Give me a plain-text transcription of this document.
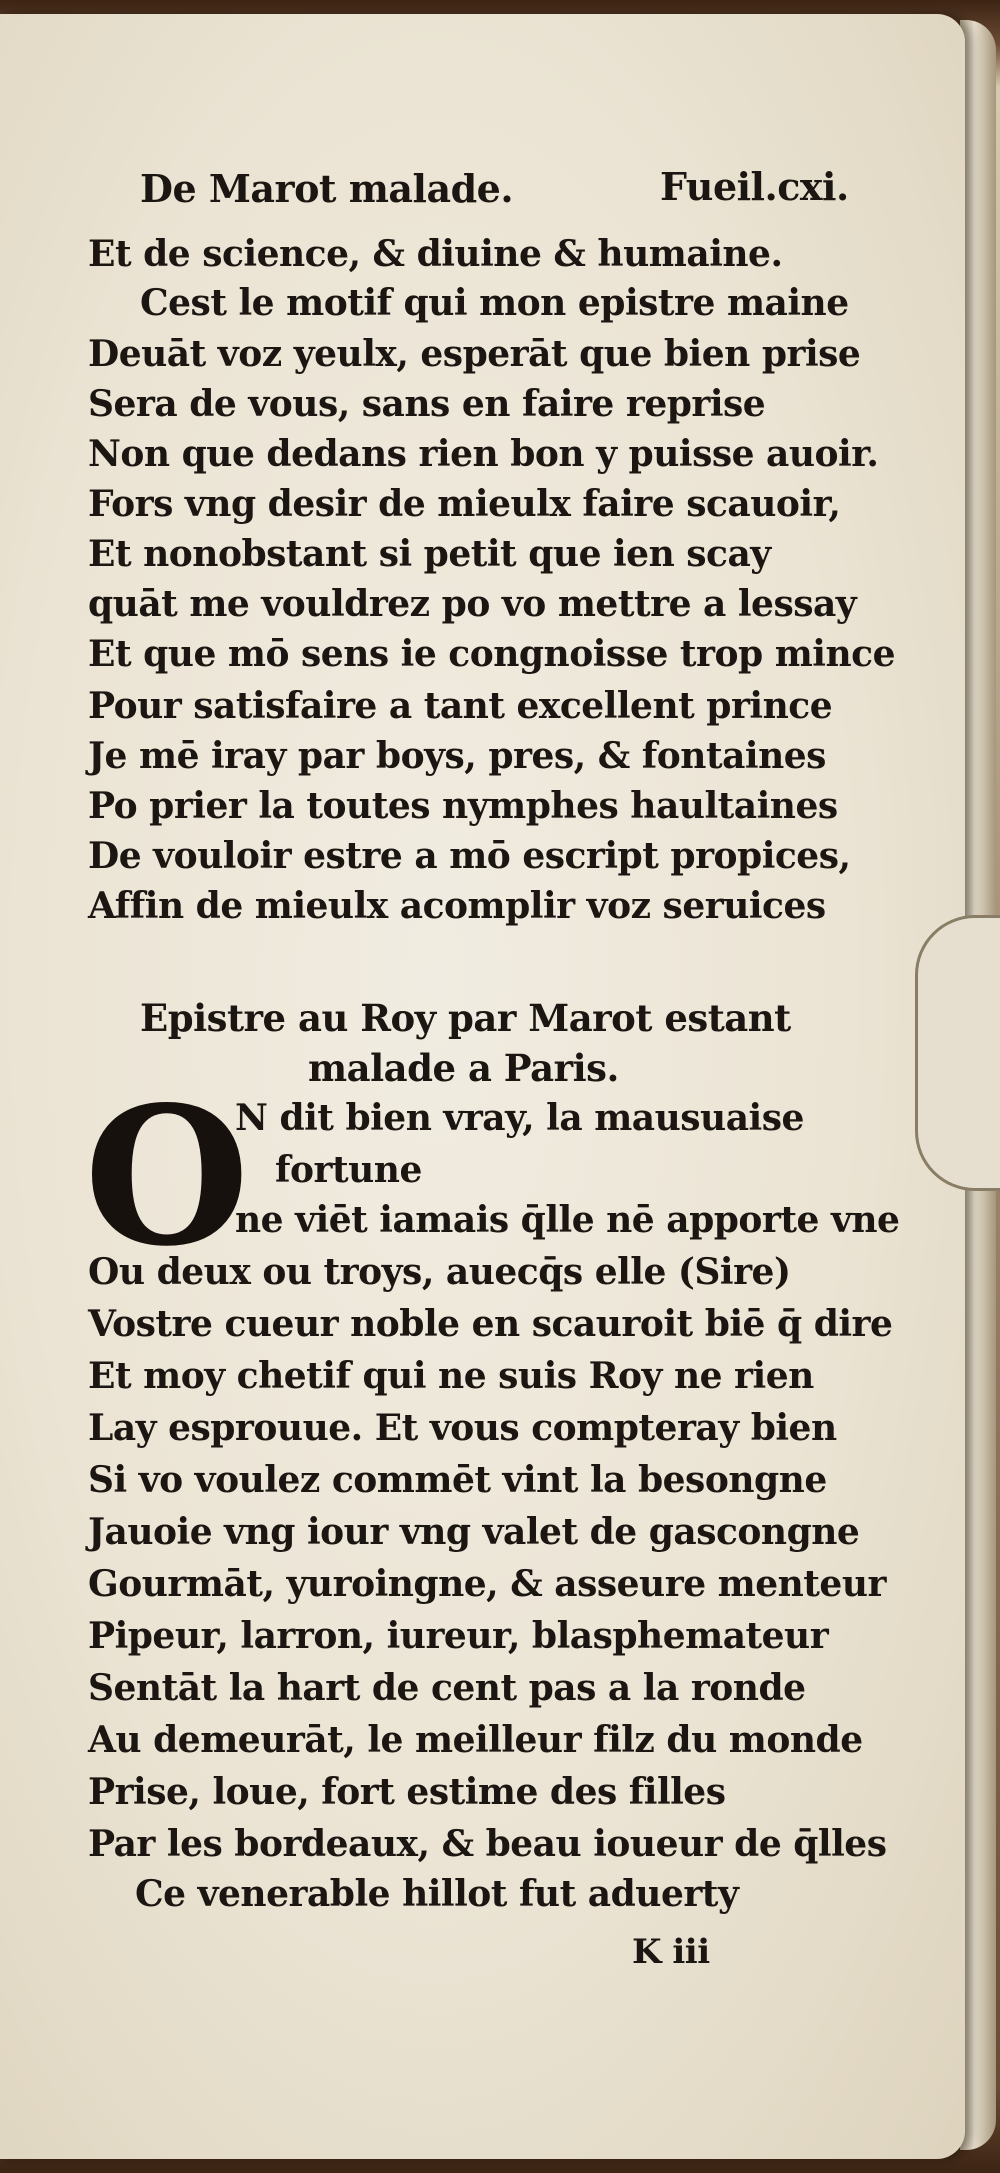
De Marot malade.	Fueil.cxi.
Et de science, & diuine & humaine.
Cest le motif qui mon epistre maine
Deuāt voz yeulx, esperāt que bien prise
Sera de vous, sans en faire reprise
Non que dedans rien bon y puisse auoir.
Fors vng desir de mieulx faire scauoir,
Et nonobstant si petit que ien scay
quāt me vouldrez po vo mettre a lessay
Et que mō sens ie congnoisse trop mince
Pour satisfaire a tant excellent prince
Je mē iray par boys, pres, & fontaines
Po prier la toutes nymphes haultaines
De vouloir estre a mō escript propices,
Affin de mieulx acomplir voz seruices
Epistre au Roy par Marot estant
malade a Paris.
O
N dit bien vray, la mausuaise
fortune
ne viēt iamais q̄lle nē apporte vne
Ou deux ou troys, auecq̄s elle (Sire)
Vostre cueur noble en scauroit biē q̄ dire
Et moy chetif qui ne suis Roy ne rien
Lay esprouue. Et vous compteray bien
Si vo voulez commēt vint la besongne
Jauoie vng iour vng valet de gascongne
Gourmāt, yuroingne, & asseure menteur
Pipeur, larron, iureur, blasphemateur
Sentāt la hart de cent pas a la ronde
Au demeurāt, le meilleur filz du monde
Prise, loue, fort estime des filles
Par les bordeaux, & beau ioueur de q̄lles
Ce venerable hillot fut aduerty
K iii
